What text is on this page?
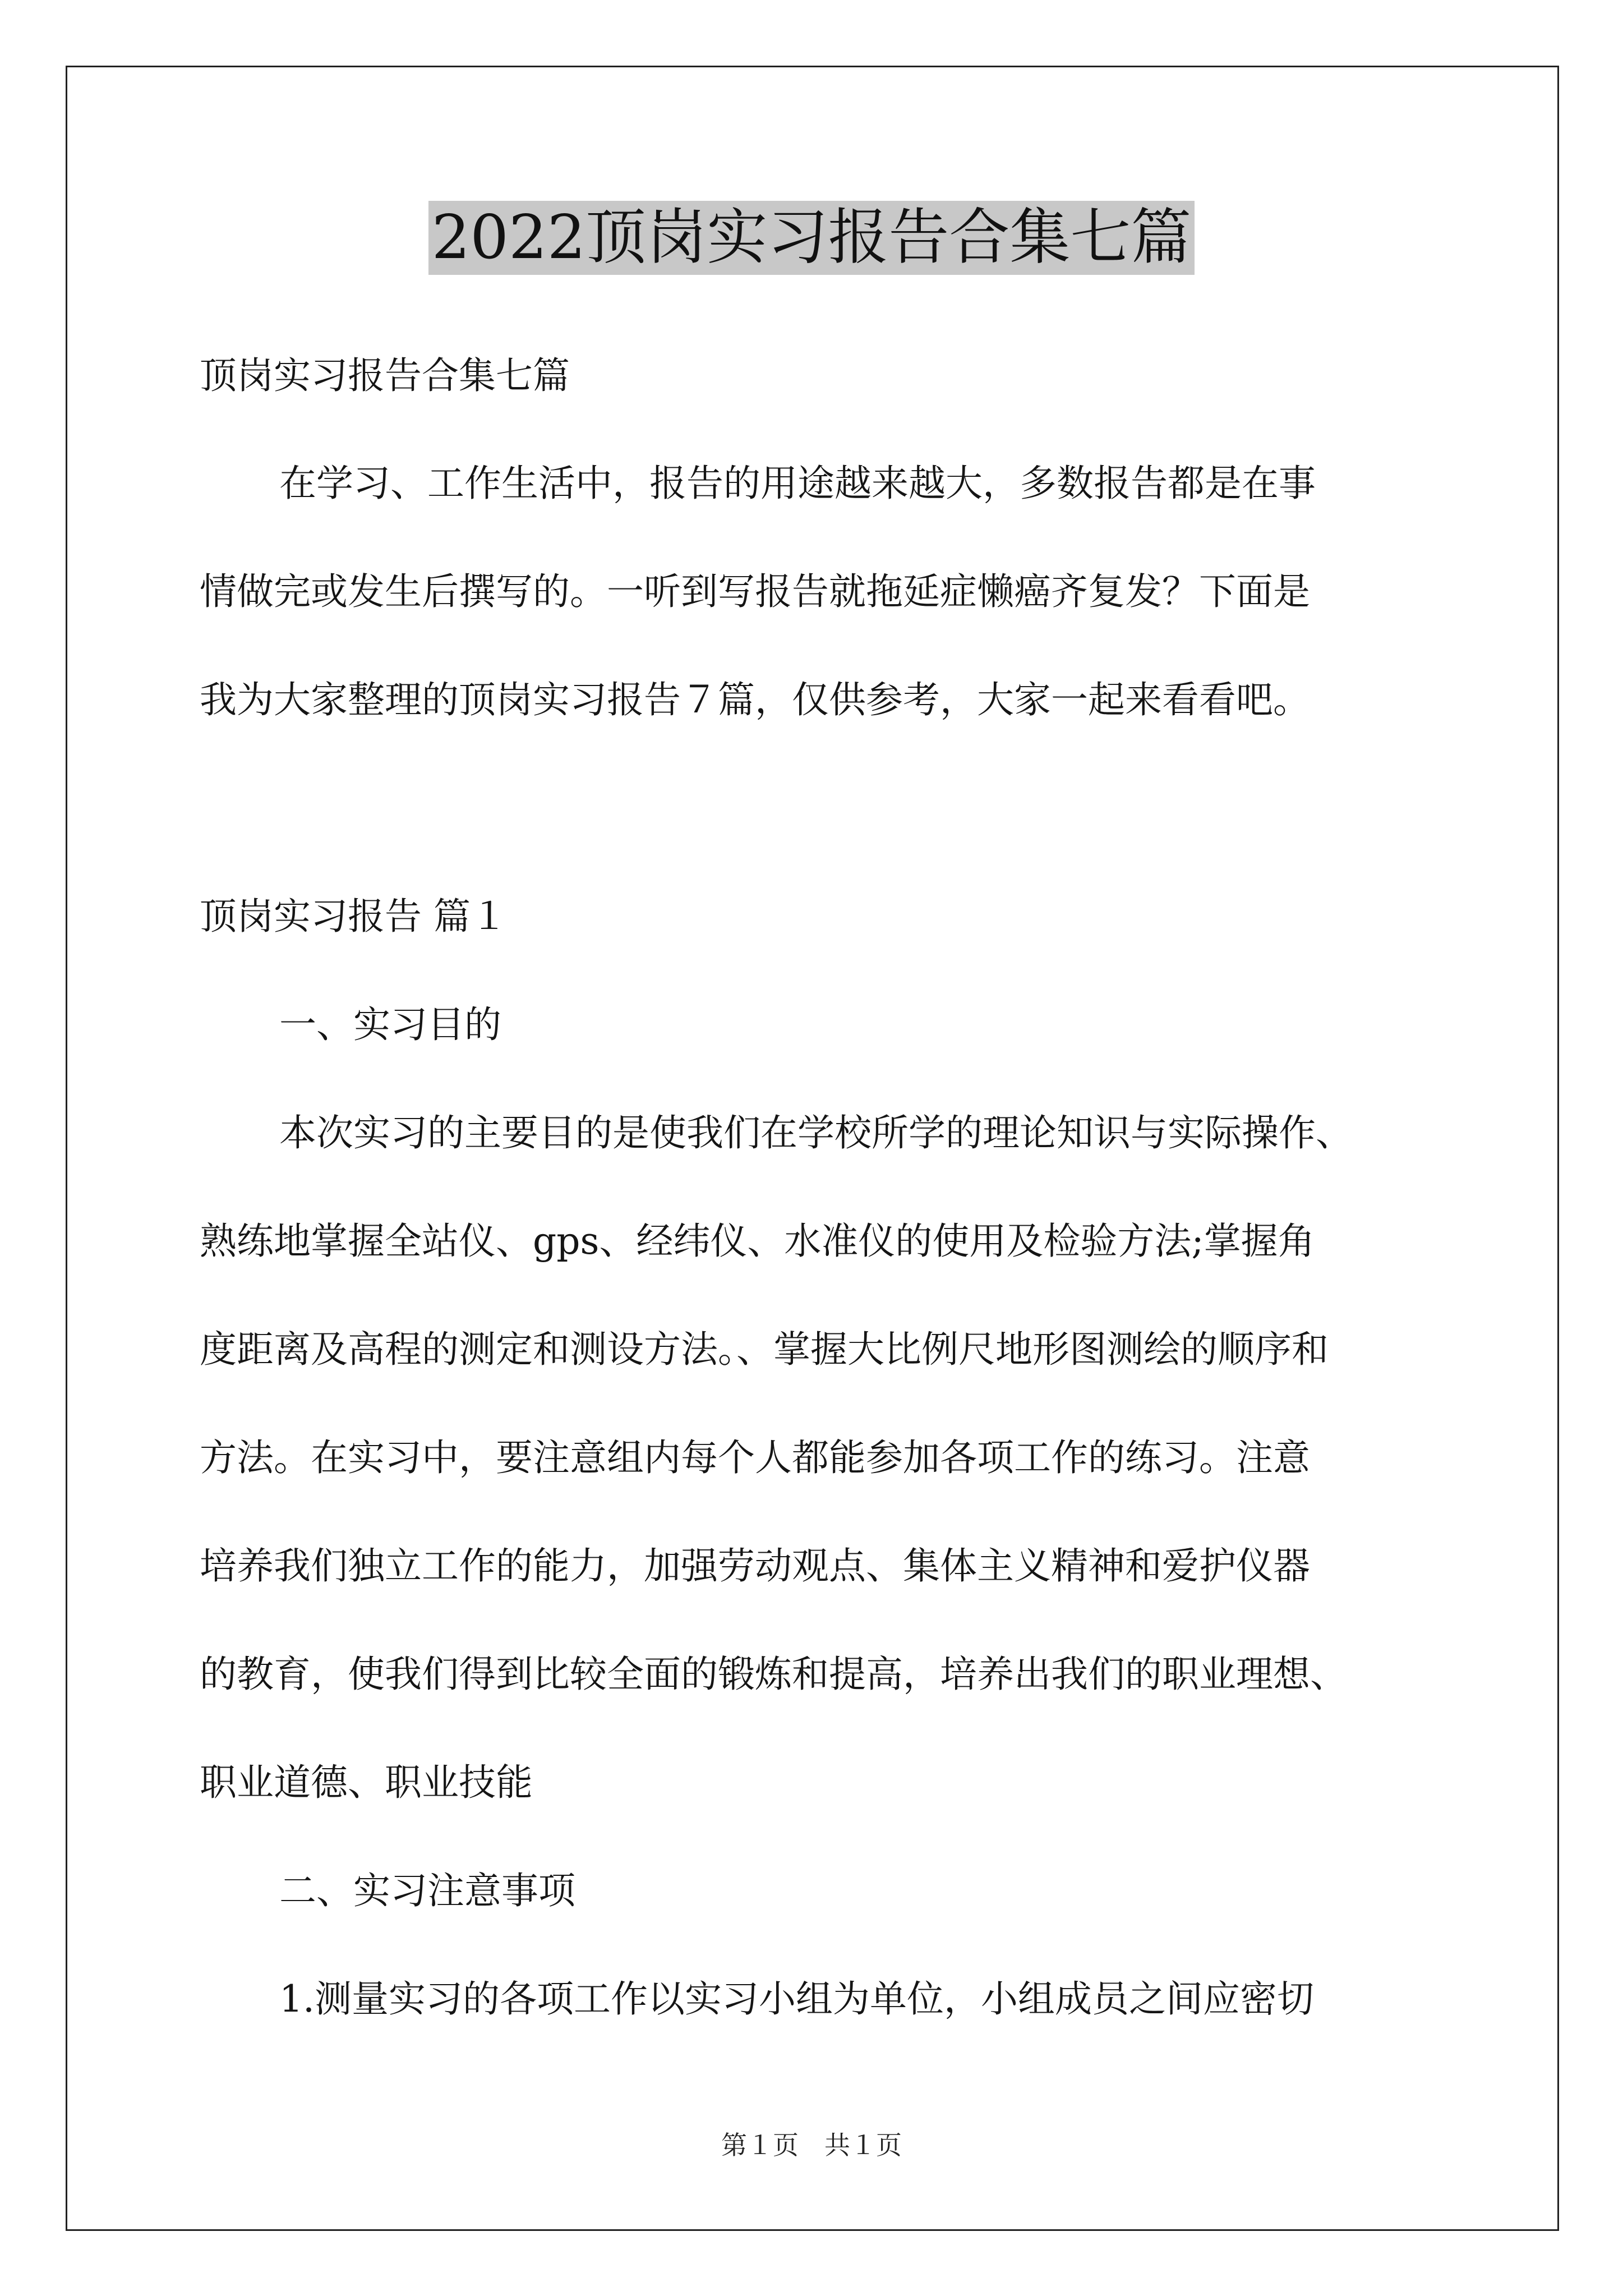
2022顶岗实习报告合集七篇
顶岗实习报告合集七篇
在学习、工作生活中，报告的用途越来越大，多数报告都是在事
情做完或发生后撰写的。一听到写报告就拖延症懒癌齐复发？下面是
我为大家整理的顶岗实习报告７篇，仅供参考，大家一起来看看吧。
顶岗实习报告 篇１
一、实习目的
本次实习的主要目的是使我们在学校所学的理论知识与实际操作、
熟练地掌握全站仪、gps、经纬仪、水准仪的使用及检验方法;掌握角
度距离及高程的测定和测设方法。、掌握大比例尺地形图测绘的顺序和
方法。在实习中，要注意组内每个人都能参加各项工作的练习。注意
培养我们独立工作的能力，加强劳动观点、集体主义精神和爱护仪器
的教育，使我们得到比较全面的锻炼和提高，培养出我们的职业理想、
职业道德、职业技能
二、实习注意事项
1.测量实习的各项工作以实习小组为单位，小组成员之间应密切
第１页　共１页
